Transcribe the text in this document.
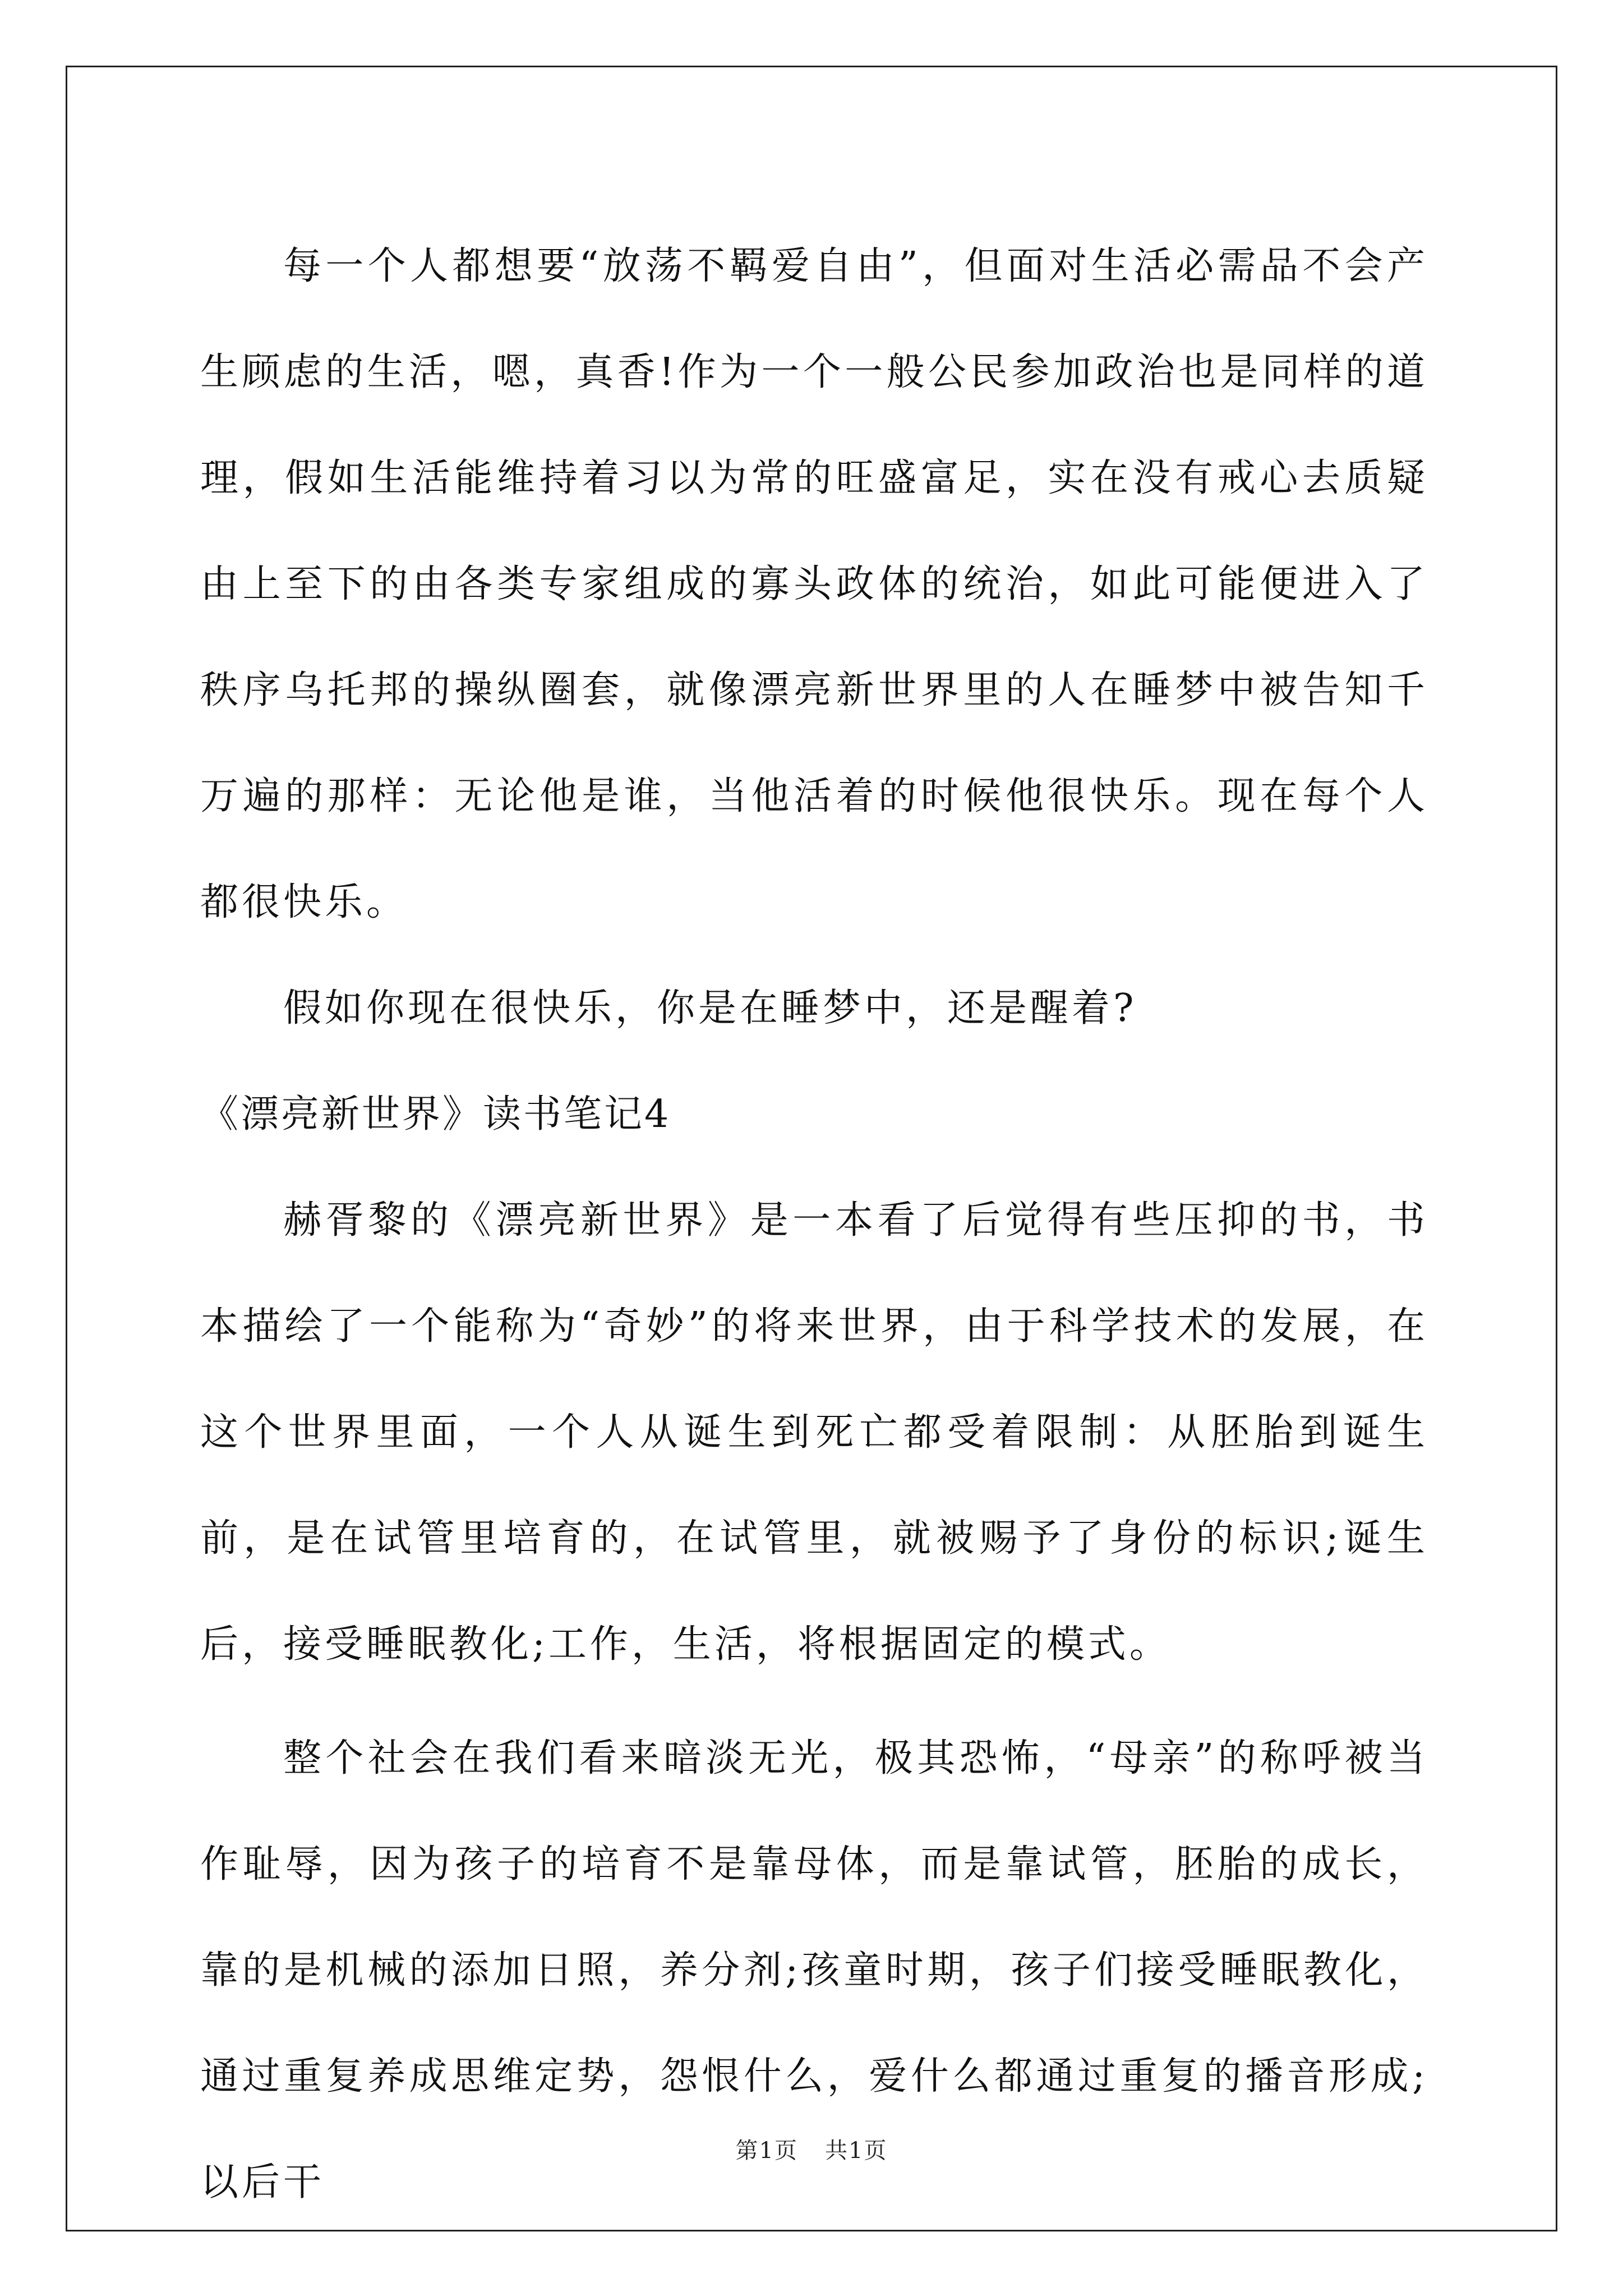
每一个人都想要“放荡不羁爱自由”，但面对生活必需品不会产生顾虑的生活，嗯，真香!作为一个一般公民参加政治也是同样的道理，假如生活能维持着习以为常的旺盛富足，实在没有戒心去质疑由上至下的由各类专家组成的寡头政体的统治，如此可能便进入了秩序乌托邦的操纵圈套，就像漂亮新世界里的人在睡梦中被告知千万遍的那样：无论他是谁，当他活着的时候他很快乐。现在每个人都很快乐。

假如你现在很快乐，你是在睡梦中，还是醒着?

《漂亮新世界》读书笔记4

赫胥黎的《漂亮新世界》是一本看了后觉得有些压抑的书，书本描绘了一个能称为“奇妙”的将来世界，由于科学技术的发展，在这个世界里面，一个人从诞生到死亡都受着限制：从胚胎到诞生前，是在试管里培育的，在试管里，就被赐予了身份的标识;诞生后，接受睡眠教化;工作，生活，将根据固定的模式。

整个社会在我们看来暗淡无光，极其恐怖，“母亲”的称呼被当作耻辱，因为孩子的培育不是靠母体，而是靠试管，胚胎的成长，靠的是机械的添加日照，养分剂;孩童时期，孩子们接受睡眠教化，通过重复养成思维定势，怨恨什么，爱什么都通过重复的播音形成;以后干

第1页 共1页
